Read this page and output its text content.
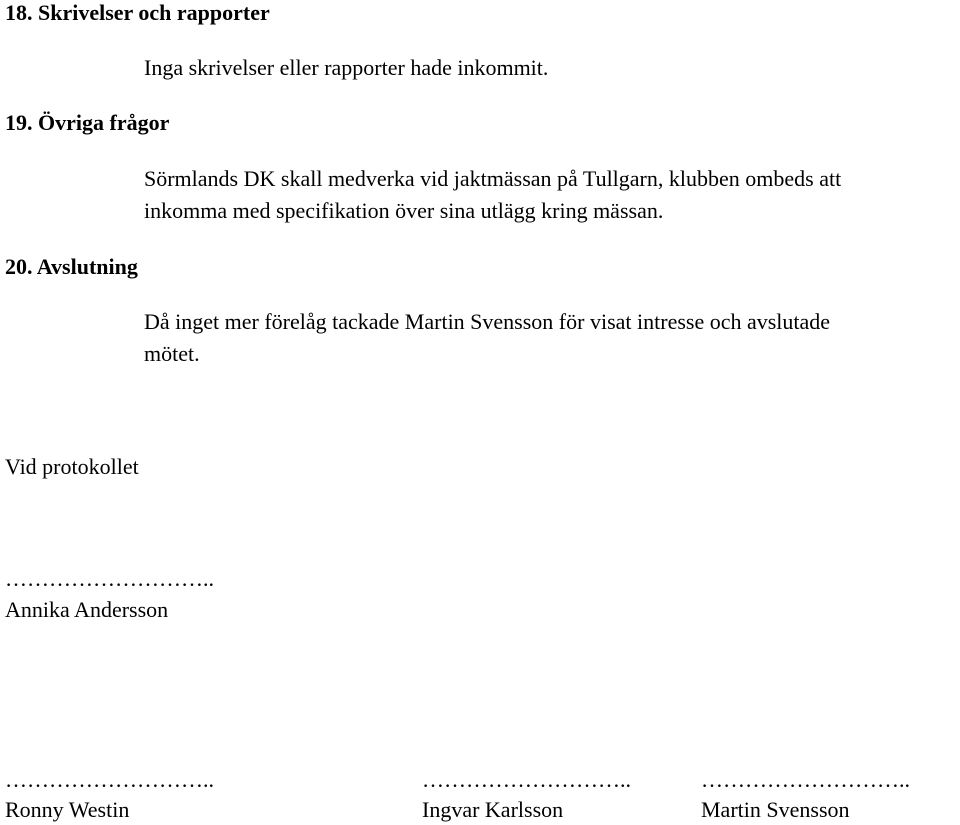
18. Skrivelser och rapporter
Inga skrivelser eller rapporter hade inkommit.
19. Övriga frågor
Sörmlands DK skall medverka vid jaktmässan på Tullgarn, klubben ombeds att
inkomma med specifikation över sina utlägg kring mässan.
20. Avslutning
Då inget mer förelåg tackade Martin Svensson för visat intresse och avslutade
mötet.
Vid protokollet
………………………..
Annika Andersson
………………………..
Ronny Westin
………………………..
Ingvar Karlsson
………………………..
Martin Svensson
